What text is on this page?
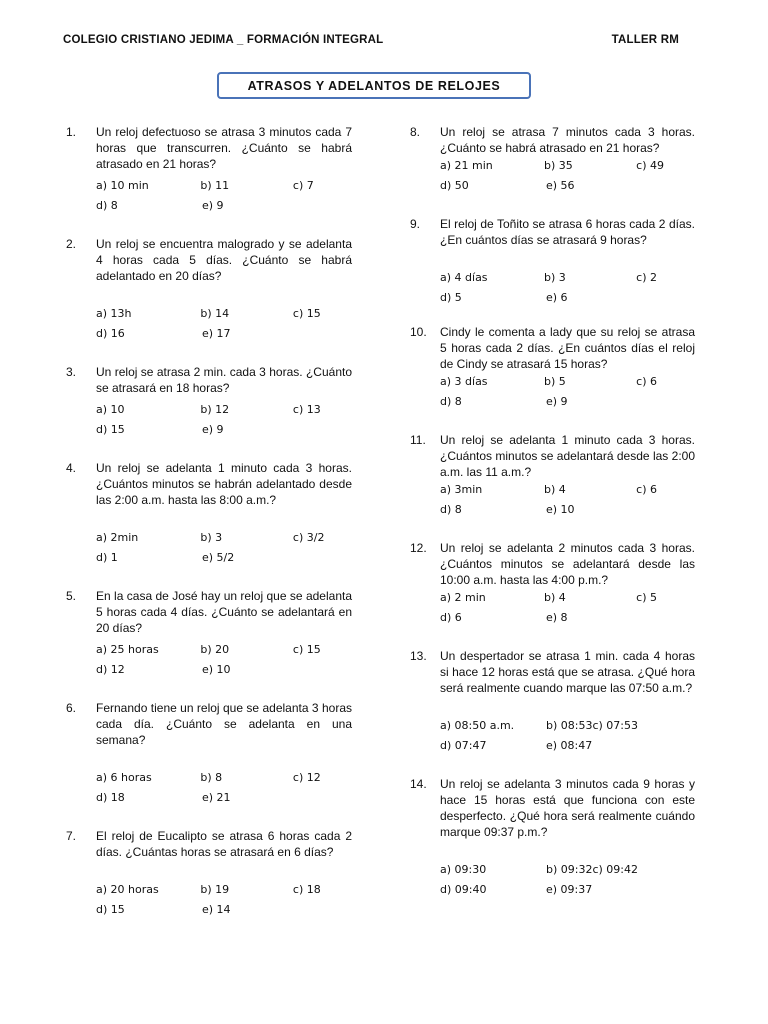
COLEGIO CRISTIANO JEDIMA _ FORMACIÓN INTEGRAL	TALLER RM
ATRASOS Y ADELANTOS DE RELOJES
1.	Un reloj defectuoso se atrasa 3 minutos cada 7 horas que transcurren. ¿Cuánto se habrá atrasado en 21 horas?
a) 10 min	b) 11	c) 7
d) 8	e) 9
2.	Un reloj se encuentra malogrado y se adelanta 4 horas cada 5 días. ¿Cuánto se habrá adelantado en 20 días?
a) 13h	b) 14	c) 15
d) 16	e) 17
3.	Un reloj se atrasa 2 min. cada 3 horas. ¿Cuánto se atrasará en 18 horas?
a) 10	b) 12	c) 13
d) 15	e) 9
4.	Un reloj se adelanta 1 minuto cada 3 horas. ¿Cuántos minutos se habrán adelantado desde las 2:00 a.m. hasta las 8:00 a.m.?
a) 2min	b) 3	c) 3/2
d) 1	e) 5/2
5.	En la casa de José hay un reloj que se adelanta 5 horas cada 4 días. ¿Cuánto se adelantará en 20 días?
a) 25 horas	b) 20	c) 15
d) 12	e) 10
6.	Fernando tiene un reloj que se adelanta 3 horas cada día. ¿Cuánto se adelanta en una semana?
a) 6 horas	b) 8	c) 12
d) 18	e) 21
7.	El reloj de Eucalipto se atrasa 6 horas cada 2 días. ¿Cuántas horas se atrasará en 6 días?
a) 20 horas	b) 19	c) 18
d) 15	e) 14
8.	Un reloj se atrasa 7 minutos cada 3 horas. ¿Cuánto se habrá atrasado en 21 horas?
a) 21 min	b) 35	c) 49
d) 50	e) 56
9.	El reloj de Toñito se atrasa 6 horas cada 2 días. ¿En cuántos días se atrasará 9 horas?
a) 4 días	b) 3	c) 2
d) 5	e) 6
10.	Cindy le comenta a lady que su reloj se atrasa 5 horas cada 2 días. ¿En cuántos días el reloj de Cindy se atrasará 15 horas?
a) 3 días	b) 5	c) 6
d) 8	e) 9
11.	Un reloj se adelanta 1 minuto cada 3 horas. ¿Cuántos minutos se adelantará desde las 2:00 a.m. las 11 a.m.?
a) 3min	b) 4	c) 6
d) 8	e) 10
12.	Un reloj se adelanta 2 minutos cada 3 horas. ¿Cuántos minutos se adelantará desde las 10:00 a.m. hasta las 4:00 p.m.?
a) 2 min	b) 4	c) 5
d) 6	e) 8
13.	Un despertador se atrasa 1 min. cada 4 horas si hace 12 horas está que se atrasa. ¿Qué hora será realmente cuando marque las 07:50 a.m.?
a) 08:50 a.m.	b) 08:53c) 07:53
d) 07:47	e) 08:47
14.	Un reloj se adelanta 3 minutos cada 9 horas y hace 15 horas está que funciona con este desperfecto. ¿Qué hora será realmente cuándo marque 09:37 p.m.?
a) 09:30	b) 09:32c) 09:42
d) 09:40	e) 09:37
